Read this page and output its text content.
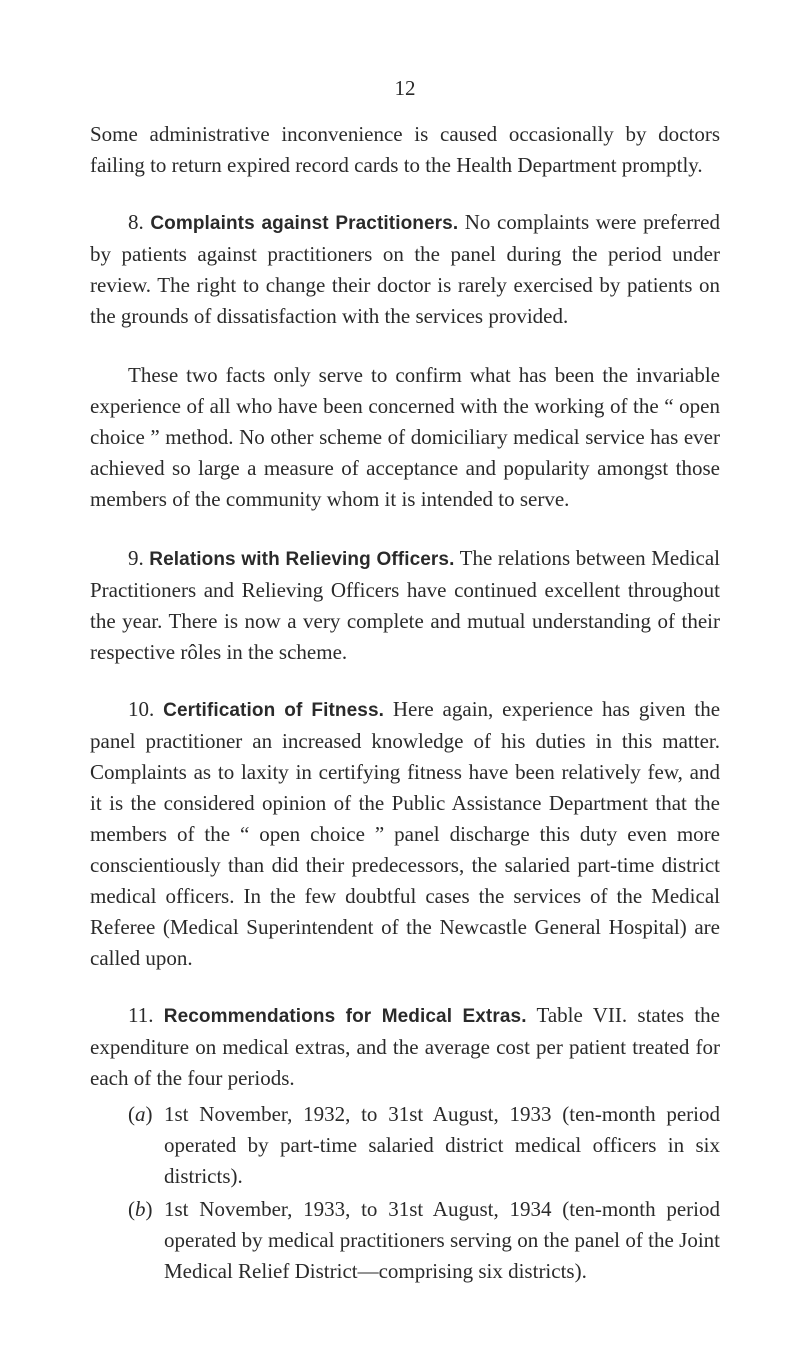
12

Some administrative inconvenience is caused occasionally by doctors failing to return expired record cards to the Health Department promptly.

8. Complaints against Practitioners. No complaints were preferred by patients against practitioners on the panel during the period under review. The right to change their doctor is rarely exercised by patients on the grounds of dissatisfaction with the services provided.

These two facts only serve to confirm what has been the invariable experience of all who have been concerned with the working of the “ open choice ” method. No other scheme of domiciliary medical service has ever achieved so large a measure of acceptance and popularity amongst those members of the community whom it is intended to serve.

9. Relations with Relieving Officers. The relations between Medical Practitioners and Relieving Officers have continued excellent throughout the year. There is now a very complete and mutual understanding of their respective rôles in the scheme.

10. Certification of Fitness. Here again, experience has given the panel practitioner an increased knowledge of his duties in this matter. Complaints as to laxity in certifying fitness have been relatively few, and it is the considered opinion of the Public Assistance Department that the members of the “ open choice ” panel discharge this duty even more conscientiously than did their predecessors, the salaried part-time district medical officers. In the few doubtful cases the services of the Medical Referee (Medical Superintendent of the Newcastle General Hospital) are called upon.

11. Recommendations for Medical Extras. Table VII. states the expenditure on medical extras, and the average cost per patient treated for each of the four periods.

(a) 1st November, 1932, to 31st August, 1933 (ten-month period operated by part-time salaried district medical officers in six districts).
(b) 1st November, 1933, to 31st August, 1934 (ten-month period operated by medical practitioners serving on the panel of the Joint Medical Relief District—comprising six districts).
